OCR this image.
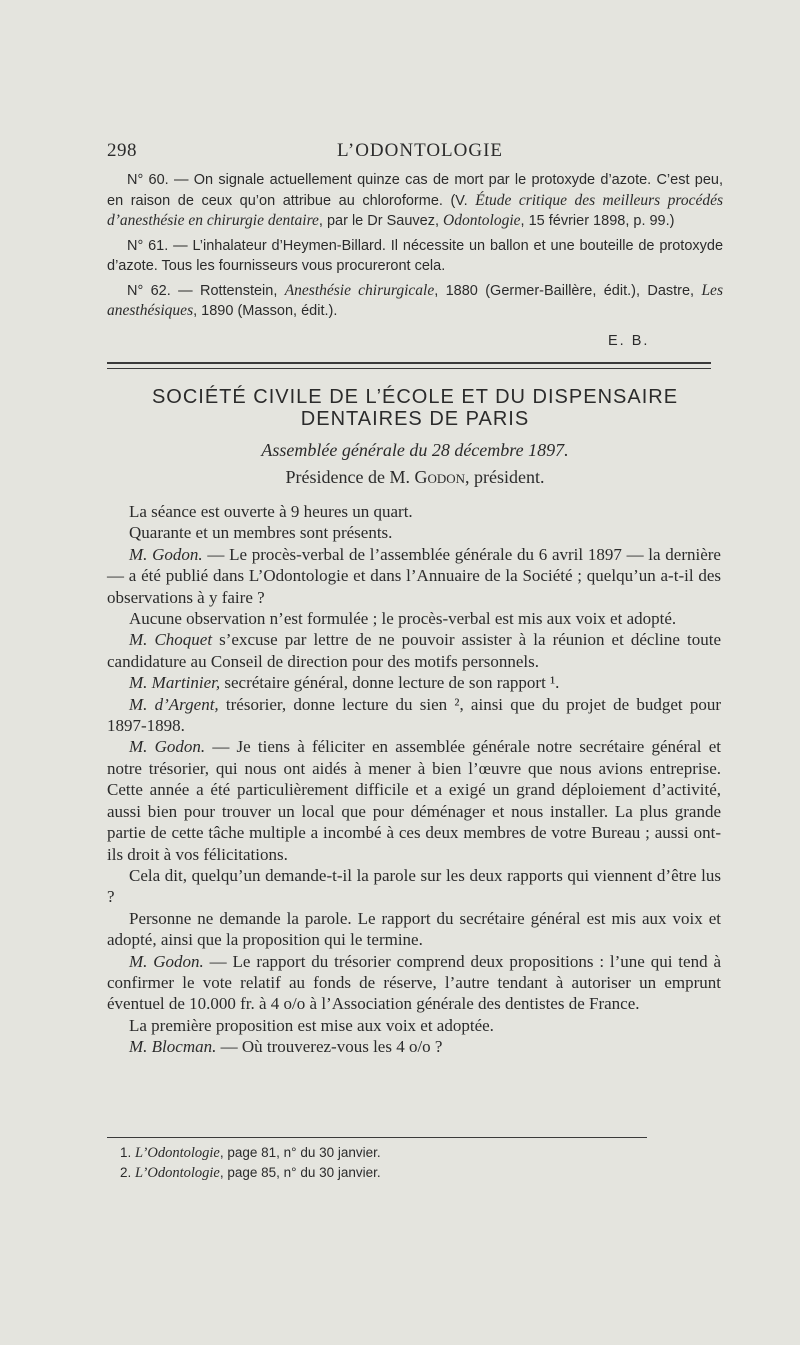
298	L’ODONTOLOGIE

N° 60. — On signale actuellement quinze cas de mort par le protoxyde d’azote. C’est peu, en raison de ceux qu’on attribue au chloroforme. (V. Étude critique des meilleurs procédés d’anesthésie en chirurgie dentaire, par le Dr Sauvez, Odontologie, 15 février 1898, p. 99.)

N° 61. — L’inhalateur d’Heymen-Billard. Il nécessite un ballon et une bouteille de protoxyde d’azote. Tous les fournisseurs vous procureront cela.

N° 62. — Rottenstein, Anesthésie chirurgicale, 1880 (Germer-Baillère, édit.), Dastre, Les anesthésiques, 1890 (Masson, édit.).

E. B.
SOCIÉTÉ CIVILE DE L’ÉCOLE ET DU DISPENSAIRE
DENTAIRES DE PARIS
Assemblée générale du 28 décembre 1897.
Présidence de M. Godon, président.

La séance est ouverte à 9 heures un quart.

Quarante et un membres sont présents.

M. Godon. — Le procès-verbal de l’assemblée générale du 6 avril 1897 — la dernière — a été publié dans L’Odontologie et dans l’Annuaire de la Société ; quelqu’un a-t-il des observations à y faire ?

Aucune observation n’est formulée ; le procès-verbal est mis aux voix et adopté.

M. Choquet s’excuse par lettre de ne pouvoir assister à la réunion et décline toute candidature au Conseil de direction pour des motifs personnels.

M. Martinier, secrétaire général, donne lecture de son rapport ¹.

M. d’Argent, trésorier, donne lecture du sien ², ainsi que du projet de budget pour 1897-1898.

M. Godon. — Je tiens à féliciter en assemblée générale notre secrétaire général et notre trésorier, qui nous ont aidés à mener à bien l’œuvre que nous avions entreprise. Cette année a été particulièrement difficile et a exigé un grand déploiement d’activité, aussi bien pour trouver un local que pour déménager et nous installer. La plus grande partie de cette tâche multiple a incombé à ces deux membres de votre Bureau ; aussi ont-ils droit à vos félicitations.

Cela dit, quelqu’un demande-t-il la parole sur les deux rapports qui viennent d’être lus ?

Personne ne demande la parole. Le rapport du secrétaire général est mis aux voix et adopté, ainsi que la proposition qui le termine.

M. Godon. — Le rapport du trésorier comprend deux propositions : l’une qui tend à confirmer le vote relatif au fonds de réserve, l’autre tendant à autoriser un emprunt éventuel de 10.000 fr. à 4 o/o à l’Association générale des dentistes de France.

La première proposition est mise aux voix et adoptée.

M. Blocman. — Où trouverez-vous les 4 o/o ?

1. L’Odontologie, page 81, n° du 30 janvier.
2. L’Odontologie, page 85, n° du 30 janvier.
